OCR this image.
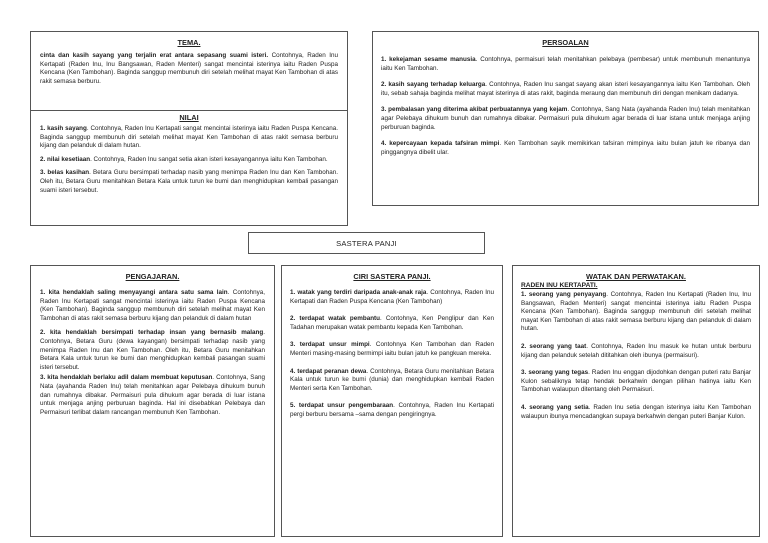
TEMA.
cinta dan kasih sayang yang terjalin erat antara sepasang suami isteri. Contohnya, Raden Inu Kertapati (Raden Inu, Inu Bangsawan, Raden Menteri) sangat mencintai isterinya iaitu Raden Puspa Kencana (Ken Tambohan). Baginda sanggup membunuh diri setelah melihat mayat Ken Tambohan di atas rakit semasa berburu.
NILAI
1. kasih sayang. Contohnya, Raden Inu Kertapati sangat mencintai isterinya iaitu Raden Puspa Kencana. Baginda sanggup membunuh diri setelah melihat mayat Ken Tambohan di atas rakit semasa berburu kijang dan pelanduk di dalam hutan.
2. nilai kesetiaan. Contohnya, Raden Inu sangat setia akan isteri kesayangannya iaitu Ken Tambohan.
3. belas kasihan. Betara Guru bersimpati terhadap nasib yang menimpa Raden Inu dan Ken Tambohan. Oleh itu, Betara Guru menitahkan Betara Kala untuk turun ke bumi dan menghidupkan kembali pasangan suami isteri tersebut.
PERSOALAN
1. kekejaman sesame manusia. Contohnya, permaisuri telah menitahkan pelebaya (pembesar) untuk membunuh menantunya iaitu Ken Tambohan.
2. kasih sayang terhadap keluarga. Contohnya, Raden Inu sangat sayang akan isteri kesayangannya iaitu Ken Tambohan. Oleh itu, sebab sahaja baginda melihat mayat isterinya di atas rakit, baginda meraung dan membunuh diri dengan menikam dadanya.
3. pembalasan yang diterima akibat perbuatannya yang kejam. Contohnya, Sang Nata (ayahanda Raden Inu) telah menitahkan agar Pelebaya dihukum bunuh dan rumahnya dibakar. Permaisuri pula dihukum agar berada di luar istana untuk menjaga anjing perburuan baginda.
4. kepercayaan kepada tafsiran mimpi. Ken Tambohan sayik memikirkan tafsiran mimpinya iaitu bulan jatuh ke ribanya dan pinggangnya dibelit ular.
SASTERA PANJI
PENGAJARAN.
1. kita hendaklah saling menyayangi antara satu sama lain. Contohnya, Raden Inu Kertapati sangat mencintai isterinya iaitu Raden Puspa Kencana (Ken Tambohan). Baginda sanggup membunuh diri setelah melihat mayat Ken Tambohan di atas rakit semasa berburu kijang dan pelanduk di dalam hutan
2. kita hendaklah bersimpati terhadap insan yang bernasib malang. Contohnya, Betara Guru (dewa kayangan) bersimpati terhadap nasib yang menimpa Raden Inu dan Ken Tambohan. Oleh itu, Betara Guru menitahkan Betara Kala untuk turun ke bumi dan menghidupkan kembali pasangan suami isteri tersebut.
3. kita hendaklah berlaku adil dalam membuat keputusan. Contohnya, Sang Nata (ayahanda Raden Inu) telah menitahkan agar Pelebaya dihukum bunuh dan rumahnya dibakar. Permaisuri pula dihukum agar berada di luar istana untuk menjaga anjing perburuan baginda. Hal ini disebabkan Pelebaya dan Permaisuri terlibat dalam rancangan membunuh Ken Tambohan.
CIRI SASTERA PANJI.
1. watak yang terdiri daripada anak-anak raja. Contohnya, Raden Inu Kertapati dan Raden Puspa Kencana (Ken Tambohan)
2. terdapat watak pembantu. Contohnya, Ken Penglipur dan Ken Tadahan merupakan watak pembantu kepada Ken Tambohan.
3. terdapat unsur mimpi. Contohnya Ken Tambohan dan Raden Menteri masing-masing bermimpi iaitu bulan jatuh ke pangkuan mereka.
4. terdapat peranan dewa. Contohnya, Betara Guru menitahkan Betara Kala untuk turun ke bumi (dunia) dan menghidupkan kembali Raden Menteri serta Ken Tambohan.
5. terdapat unsur pengembaraan. Contohnya, Raden Inu Kertapati pergi berburu bersama –sama dengan pengiringnya.
WATAK DAN PERWATAKAN.
RADEN INU KERTAPATI.
1. seorang yang penyayang. Contohnya, Raden Inu Kertapati (Raden Inu, Inu Bangsawan, Raden Menteri) sangat mencintai isterinya iaitu Raden Puspa Kencana (Ken Tambohan). Baginda sanggup membunuh diri setelah melihat mayat Ken Tambohan di atas rakit semasa berburu kijang dan pelanduk di dalam hutan.
2. seorang yang taat. Contohnya, Raden Inu masuk ke hutan untuk berburu kijang dan pelanduk setelah dititahkan oleh ibunya (permaisuri).
3. seorang yang tegas. Raden Inu enggan dijodohkan dengan puteri ratu Banjar Kulon sebaliknya tetap hendak berkahwin dengan pilihan hatinya iaitu Ken Tambohan walaupun ditentang oleh Permaisuri.
4. seorang yang setia. Raden Inu setia dengan isterinya iaitu Ken Tambohan walaupun ibunya mencadangkan supaya berkahwin dengan puteri Banjar Kulon.
